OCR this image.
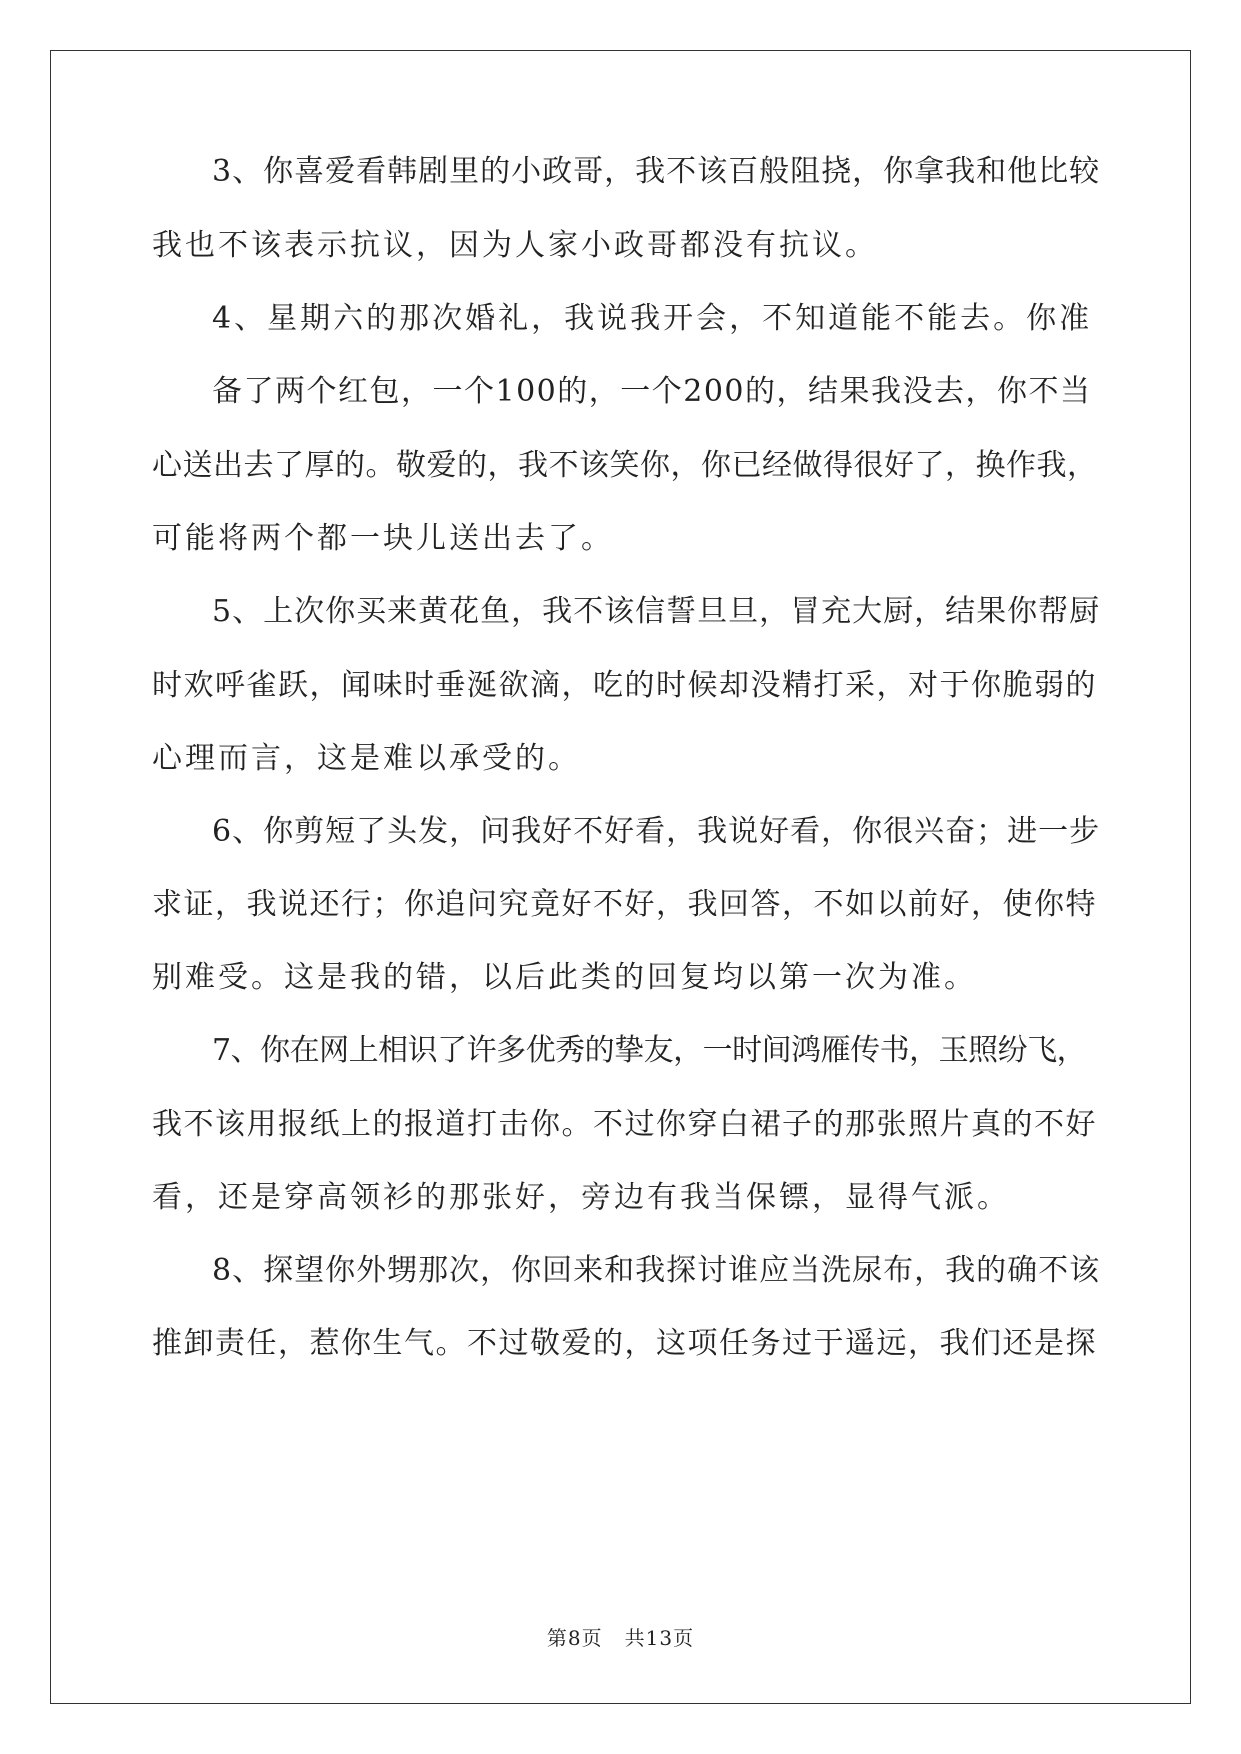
3、你喜爱看韩剧里的小政哥，我不该百般阻挠，你拿我和他比较
我也不该表示抗议，因为人家小政哥都没有抗议。
4、星期六的那次婚礼，我说我开会，不知道能不能去。你准
备了两个红包，一个100的，一个200的，结果我没去，你不当
心送出去了厚的。敬爱的，我不该笑你，你已经做得很好了，换作我，
可能将两个都一块儿送出去了。
5、上次你买来黄花鱼，我不该信誓旦旦，冒充大厨，结果你帮厨
时欢呼雀跃，闻味时垂涎欲滴，吃的时候却没精打采，对于你脆弱的
心理而言，这是难以承受的。
6、你剪短了头发，问我好不好看，我说好看，你很兴奋；进一步
求证，我说还行；你追问究竟好不好，我回答，不如以前好，使你特
别难受。这是我的错，以后此类的回复均以第一次为准。
7、你在网上相识了许多优秀的挚友，一时间鸿雁传书，玉照纷飞，
我不该用报纸上的报道打击你。不过你穿白裙子的那张照片真的不好
看，还是穿高领衫的那张好，旁边有我当保镖，显得气派。
8、探望你外甥那次，你回来和我探讨谁应当洗尿布，我的确不该
推卸责任，惹你生气。不过敬爱的，这项任务过于遥远，我们还是探
第8页 共13页
